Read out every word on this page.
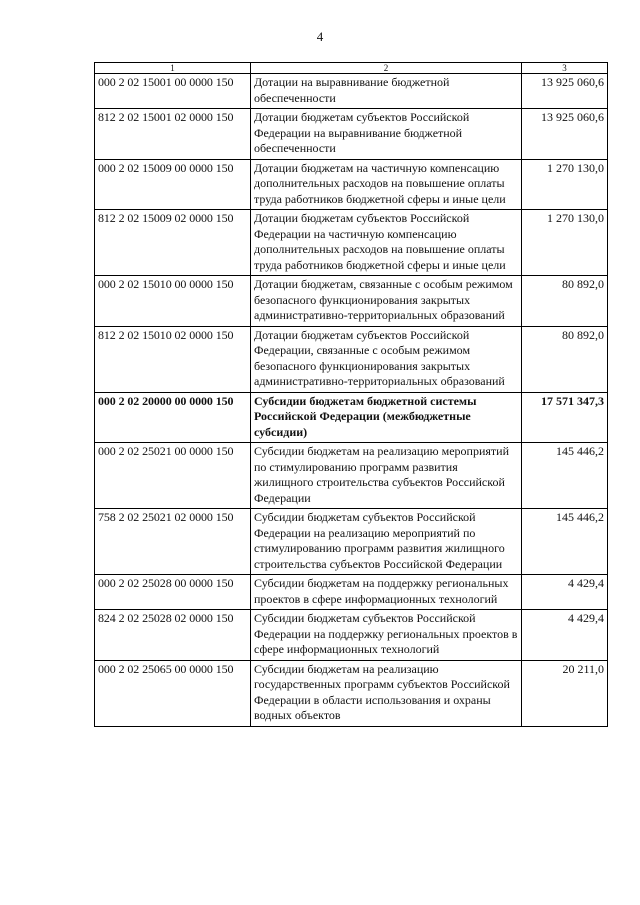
4
1	2	3
000 2 02 15001 00 0000 150	Дотации на выравнивание бюджетной обеспеченности	13 925 060,6
812 2 02 15001 02 0000 150	Дотации бюджетам субъектов Российской Федерации на выравнивание бюджетной обеспеченности	13 925 060,6
000 2 02 15009 00 0000 150	Дотации бюджетам на частичную компенсацию дополнительных расходов на повышение оплаты труда работников бюджетной сферы и иные цели	1 270 130,0
812 2 02 15009 02 0000 150	Дотации бюджетам субъектов Российской Федерации на частичную компенсацию дополнительных расходов на повышение оплаты труда работников бюджетной сферы и иные цели	1 270 130,0
000 2 02 15010 00 0000 150	Дотации бюджетам, связанные с особым режимом безопасного функционирования закрытых административно-территориальных образований	80 892,0
812 2 02 15010 02 0000 150	Дотации бюджетам субъектов Российской Федерации, связанные с особым режимом безопасного функционирования закрытых административно-территориальных образований	80 892,0
000 2 02 20000 00 0000 150	Субсидии бюджетам бюджетной системы Российской Федерации (межбюджетные субсидии)	17 571 347,3
000 2 02 25021 00 0000 150	Субсидии бюджетам на реализацию мероприятий по стимулированию программ развития жилищного строительства субъектов Российской Федерации	145 446,2
758 2 02 25021 02 0000 150	Субсидии бюджетам субъектов Российской Федерации на реализацию мероприятий по стимулированию программ развития жилищного строительства субъектов Российской Федерации	145 446,2
000 2 02 25028 00 0000 150	Субсидии бюджетам на поддержку региональных проектов в сфере информационных технологий	4 429,4
824 2 02 25028 02 0000 150	Субсидии бюджетам субъектов Российской Федерации на поддержку региональных проектов в сфере информационных технологий	4 429,4
000 2 02 25065 00 0000 150	Субсидии бюджетам на реализацию государственных программ субъектов Российской Федерации в области использования и охраны водных объектов	20 211,0
